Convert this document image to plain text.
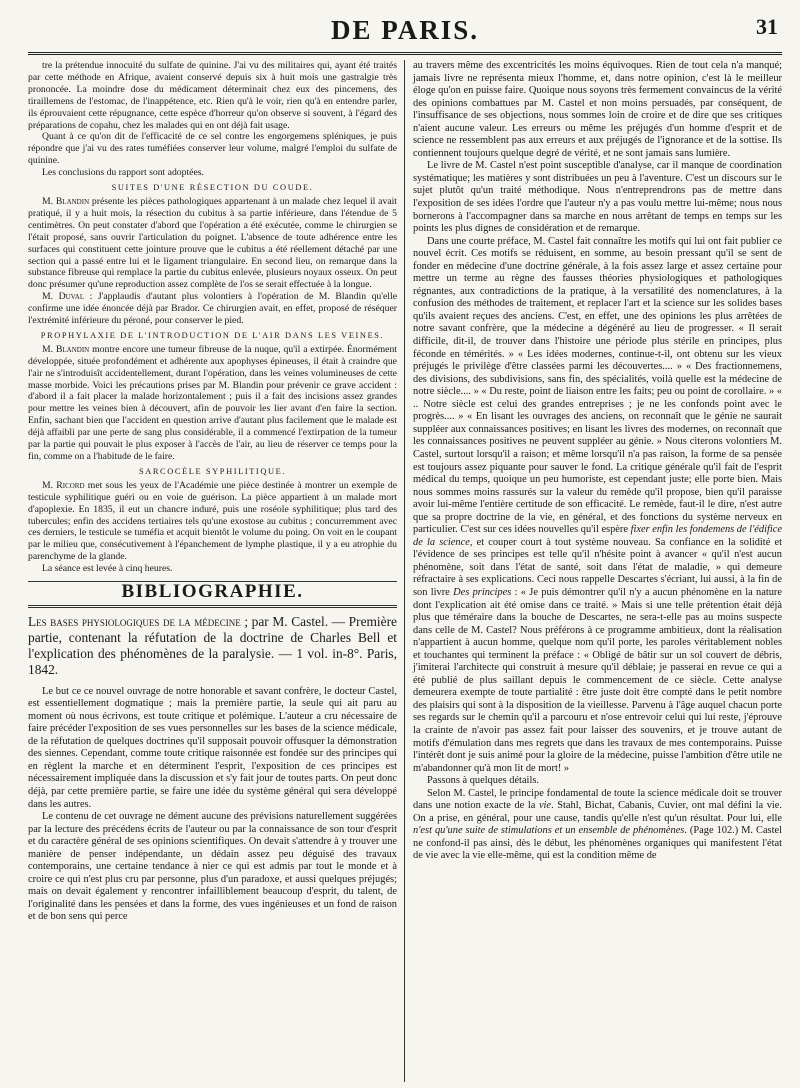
DE PARIS.	31

tre la prétendue innocuité du sulfate de quinine. J'ai vu des militaires qui, ayant été traités par cette méthode en Afrique, avaient conservé depuis six à huit mois une gastralgie très prononcée. La moindre dose du médicament déterminait chez eux des pincemens, des tiraillemens de l'estomac, de l'inappétence, etc. Rien qu'à le voir, rien qu'à en entendre parler, ils éprouvaient cette répugnance, cette espèce d'horreur qu'on observe si souvent, à l'égard des préparations de copahu, chez les malades qui en ont déjà fait usage.

Quant à ce qu'on dit de l'efficacité de ce sel contre les engorgemens spléniques, je puis répondre que j'ai vu des rates tuméfiées conserver leur volume, malgré l'emploi du sulfate de quinine.

Les conclusions du rapport sont adoptées.

SUITES D'UNE RÉSECTION DU COUDE.

M. Blandin présente les pièces pathologiques appartenant à un malade chez lequel il avait pratiqué, il y a huit mois, la résection du cubitus à sa partie inférieure, dans l'étendue de 5 centimètres. On peut constater d'abord que l'opération a été exécutée, comme le chirurgien se l'était proposé, sans ouvrir l'articulation du poignet. L'absence de toute adhérence entre les surfaces qui constituent cette jointure prouve que le cubitus a été réellement détaché par une section qui a passé entre lui et le ligament triangulaire. En second lieu, on remarque dans la substance fibreuse qui remplace la partie du cubitus enlevée, plusieurs noyaux osseux. On peut donc présumer qu'une reproduction assez complète de l'os se serait effectuée à la longue.

M. Duval : J'applaudis d'autant plus volontiers à l'opération de M. Blandin qu'elle confirme une idée énoncée déjà par Brador. Ce chirurgien avait, en effet, proposé de réséquer l'extrémité inférieure du péroné, pour conserver le pied.

PROPHYLAXIE DE L'INTRODUCTION DE L'AIR DANS LES VEINES.

M. Blandin montre encore une tumeur fibreuse de la nuque, qu'il a extirpée. Énormément développée, située profondément et adhérente aux apophyses épineuses, il était à craindre que l'air ne s'introduisît accidentellement, durant l'opération, dans les veines volumineuses de cette masse morbide. Voici les précautions prises par M. Blandin pour prévenir ce grave accident : d'abord il a fait placer la malade horizontalement ; puis il a fait des incisions assez grandes pour mettre les veines bien à découvert, afin de pouvoir les lier avant d'en faire la section. Enfin, sachant bien que l'accident en question arrive d'autant plus facilement que le malade est déjà affaibli par une perte de sang plus considérable, il a commencé l'extirpation de la tumeur par la partie qui pouvait le plus exposer à l'accès de l'air, au lieu de réserver ce temps pour la fin, comme on a l'habitude de le faire.

SARCOCÈLE SYPHILITIQUE.

M. Ricord met sous les yeux de l'Académie une pièce destinée à montrer un exemple de testicule syphilitique guéri ou en voie de guérison. La pièce appartient à un malade mort d'apoplexie. En 1835, il eut un chancre induré, puis une roséole syphilitique; plus tard des tubercules; enfin des accidens tertiaires tels qu'une exostose au cubitus ; concurremment avec ces derniers, le testicule se tuméfia et acquit bientôt le volume du poing. On voit en le coupant par le milieu que, consécutivement à l'épanchement de lymphe plastique, il y a eu atrophie du parenchyme de la glande.

La séance est levée à cinq heures.

BIBLIOGRAPHIE.

Les bases physiologiques de la médecine ; par M. Castel. — Première partie, contenant la réfutation de la doctrine de Charles Bell et l'explication des phénomènes de la paralysie. — 1 vol. in-8°. Paris, 1842.

Le but ce ce nouvel ouvrage de notre honorable et savant confrère, le docteur Castel, est essentiellement dogmatique ; mais la première partie, la seule qui ait paru au moment où nous écrivons, est toute critique et polémique. L'auteur a cru nécessaire de faire précéder l'exposition de ses vues personnelles sur les bases de la science médicale, de la réfutation de quelques doctrines qu'il supposait pouvoir offusquer la démonstration des siennes. Cependant, comme toute critique raisonnée est fondée sur des principes qui en règlent la marche et en déterminent l'esprit, l'exposition de ces principes est nécessairement impliquée dans la discussion et s'y fait jour de toutes parts. On peut donc déjà, par cette première partie, se faire une idée du système général qui sera développé dans les autres.

Le contenu de cet ouvrage ne dément aucune des prévisions naturellement suggérées par la lecture des précédens écrits de l'auteur ou par la connaissance de son tour d'esprit et du caractère général de ses opinions scientifiques. On devait s'attendre à y trouver une manière de penser indépendante, un dédain assez peu déguisé des travaux contemporains, une certaine tendance à nier ce qui est admis par tout le monde et à croire ce qui n'est plus cru par personne, plus d'un paradoxe, et aussi quelques préjugés; mais on devait également y rencontrer infailliblement beaucoup d'esprit, du talent, de l'originalité dans les pensées et dans la forme, des vues ingénieuses et un fond de raison et de bon sens qui perce

au travers même des excentricités les moins équivoques. Rien de tout cela n'a manqué; jamais livre ne représenta mieux l'homme, et, dans notre opinion, c'est là le meilleur éloge qu'on en puisse faire. Quoique nous soyons très fermement convaincus de la vérité des opinions combattues par M. Castel et non moins persuadés, par conséquent, de l'insuffisance de ses objections, nous sommes loin de croire et de dire que ses critiques n'aient aucune valeur. Les erreurs ou même les préjugés d'un homme d'esprit et de science ne ressemblent pas aux erreurs et aux préjugés de l'ignorance et de la sottise. Ils contiennent toujours quelque degré de vérité, et ne sont jamais sans lumière.

Le livre de M. Castel n'est point susceptible d'analyse, car il manque de coordination systématique; les matières y sont distribuées un peu à l'aventure. C'est un discours sur le sujet plutôt qu'un traité méthodique. Nous n'entreprendrons pas de mettre dans l'exposition de ses idées l'ordre que l'auteur n'y a pas voulu mettre lui-même; nous nous bornerons à l'accompagner dans sa marche en nous arrêtant de temps en temps sur les points les plus dignes de considération et de remarque.

Dans une courte préface, M. Castel fait connaître les motifs qui lui ont fait publier ce nouvel écrit. Ces motifs se réduisent, en somme, au besoin pressant qu'il se sent de fonder en médecine d'une doctrine générale, à la fois assez large et assez certaine pour mettre un terme au règne des fausses théories physiologiques et pathologiques régnantes, aux contradictions de la pratique, à la versatilité des nomenclatures, à la confusion des méthodes de traitement, et replacer l'art et la science sur les solides bases qu'ils avaient reçues des anciens. C'est, en effet, une des opinions les plus arrêtées de notre savant confrère, que la médecine a dégénéré au lieu de progresser. « Il serait difficile, dit-il, de trouver dans l'histoire une période plus stérile en principes, plus féconde en témérités. » « Les idées modernes, continue-t-il, ont obtenu sur les vieux préjugés le privilège d'être classées parmi les découvertes.... » « Des fractionnemens, des divisions, des subdivisions, sans fin, des spécialités, voilà quelle est la médecine de notre siècle.... » « Du reste, point de liaison entre les faits; peu ou point de corollaire. » « .. Notre siècle est celui des grandes entreprises ; je ne les confonds point avec le progrès.... » « En lisant les ouvrages des anciens, on reconnaît que le génie ne saurait suppléer aux connaissances positives; en lisant les livres des modernes, on reconnaît que les connaissances positives ne peuvent suppléer au génie. » Nous citerons volontiers M. Castel, surtout lorsqu'il a raison; et même lorsqu'il n'a pas raison, la forme de sa pensée est toujours assez piquante pour sauver le fond. La critique générale qu'il fait de l'esprit médical du temps, quoique un peu humoriste, est cependant juste; elle porte bien. Mais nous sommes moins rassurés sur la valeur du remède qu'il propose, bien qu'il paraisse avoir lui-même l'entière certitude de son efficacité. Le remède, faut-il le dire, n'est autre que sa propre doctrine de la vie, en général, et des fonctions du système nerveux en particulier. C'est sur ces idées nouvelles qu'il espère fixer enfin les fondemens de l'édifice de la science, et couper court à tout système nouveau. Sa confiance en la solidité et l'évidence de ses principes est telle qu'il n'hésite point à avancer « qu'il n'est aucun phénomène, soit dans l'état de santé, soit dans l'état de maladie, » qui demeure réfractaire à ses explications. Ceci nous rappelle Descartes s'écriant, lui aussi, à la fin de son livre Des principes : « Je puis démontrer qu'il n'y a aucun phénomène en la nature dont l'explication ait été omise dans ce traité. » Mais si une telle prétention était déjà plus que téméraire dans la bouche de Descartes, ne sera-t-elle pas au moins suspecte dans celle de M. Castel? Nous préférons à ce programme ambitieux, dont la réalisation n'appartient à aucun homme, quelque nom qu'il porte, les paroles véritablement nobles et touchantes qui terminent la préface : « Obligé de bâtir sur un sol couvert de débris, j'imiterai l'architecte qui construit à mesure qu'il déblaie; je passerai en revue ce qui a été publié de plus saillant depuis le commencement de ce siècle. Cette analyse demeurera exempte de toute partialité : être juste doit être compté dans le petit nombre des plaisirs qui sont à la disposition de la vieillesse. Parvenu à l'âge auquel chacun porte ses regards sur le chemin qu'il a parcouru et n'ose entrevoir celui qui lui reste, j'éprouve la crainte de n'avoir pas assez fait pour laisser des souvenirs, et je trouve autant de motifs d'émulation dans mes regrets que dans les travaux de mes contemporains. Puisse l'intérêt dont je suis animé pour la gloire de la médecine, puisse l'ambition d'être utile ne m'abandonner qu'à mon lit de mort! »

Passons à quelques détails.

Selon M. Castel, le principe fondamental de toute la science médicale doit se trouver dans une notion exacte de la vie. Stahl, Bichat, Cabanis, Cuvier, ont mal défini la vie. On a prise, en général, pour une cause, tandis qu'elle n'est qu'un résultat. Pour lui, elle n'est qu'une suite de stimulations et un ensemble de phénomènes. (Page 102.) M. Castel ne confond-il pas ainsi, dès le début, les phénomènes organiques qui manifestent l'état de vie avec la vie elle-même, qui est la condition même de
